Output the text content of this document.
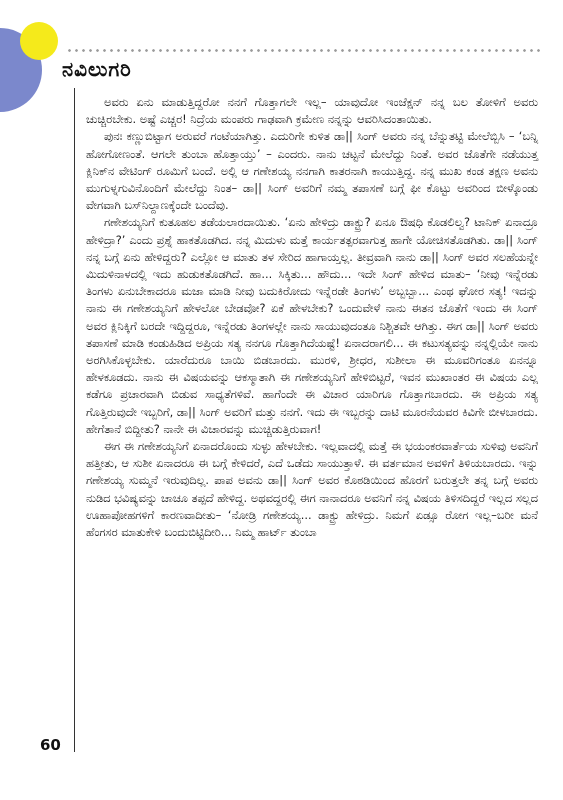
ನವಿಲುಗರಿ

ಅವರು ಏನು ಮಾಡುತ್ತಿದ್ದರೋ ನನಗೆ ಗೊತ್ತಾಗಲೇ ಇಲ್ಲ– ಯಾವುದೋ ಇಂಜೆಕ್ಷನ್ ನನ್ನ ಬಲ ತೋಳಿಗೆ ಅವರು ಚುಚ್ಚಿರಬೇಕು. ಅಷ್ಟೆ ಎಚ್ಚರ! ನಿದ್ರೆಯ ಮಂಪರು ಗಾಢವಾಗಿ ಕ್ರಮೇಣ ನನ್ನನ್ನು ಆವರಿಸಿದಂತಾಯಿತು.

ಪುನಃ ಕಣ್ಣುಬಿಟ್ಟಾಗ ಅರುವರೆ ಗಂಟೆಯಾಗಿತ್ತು. ಎದುರಿಗೇ ಕುಳಿತ ಡಾ|| ಸಿಂಗ್ ಅವರು ನನ್ನ ಬೆನ್ನುತಟ್ಟಿ ಮೇಲೆಬ್ಬಿಸಿ – ‘ಬನ್ನಿ ಹೋಗೋಣಂತೆ. ಆಗಲೇ ತುಂಬಾ ಹೊತ್ತಾಯ್ತು’ – ಎಂದರು. ನಾನು ಚಟ್ಟನೆ ಮೇಲೆದ್ದು ನಿಂತೆ. ಅವರ ಜೊತೆಗೇ ನಡೆಯುತ್ತ ಕ್ಲಿನಿಕ್‌ನ ವೇಟಿಂಗ್ ರೂಮಿಗೆ ಬಂದೆ. ಅಲ್ಲಿ ಆ ಗಣೇಶಯ್ಯ ನನಗಾಗಿ ಕಾತರನಾಗಿ ಕಾಯುತ್ತಿದ್ದ. ನನ್ನ ಮುಖ ಕಂಡ ತಕ್ಷಣ ಅವನು ಮುಗುಳ್ನಗುವಿನೊಂದಿಗೆ ಮೇಲೆದ್ದು ನಿಂತ– ಡಾ|| ಸಿಂಗ್ ಅವರಿಗೆ ನಮ್ಮ ತಪಾಸಣೆ ಬಗ್ಗೆ ಫೀ ಕೊಟ್ಟು ಅವರಿಂದ ಬೀಳ್ಕೊಂಡು ವೇಗವಾಗಿ ಬಸ್‌ನಿಲ್ದಾಣಕ್ಕೆಂದೇ ಬಂದೆವು.

ಗಣೇಶಯ್ಯನಿಗೆ ಕುತೂಹಲ ತಡೆಯಲಾರದಾಯಿತು. ‘ಏನು ಹೇಳಿದ್ರು ಡಾಕ್ಟ್ರು? ಏನೂ ಔಷಧಿ ಕೊಡಲಿಲ್ವ? ಟಾನಿಕ್ ಏನಾದ್ರೂ ಹೇಳಿದ್ರಾ?’ ಎಂದು ಪ್ರಶ್ನೆ ಹಾಕತೊಡಗಿದ. ನನ್ನ ಮಿದುಳು ಮತ್ತೆ ಕಾರ್ಯತತ್ಪರವಾಗುತ್ತ ಹಾಗೇ ಯೋಚಿಸತೊಡಗಿತು. ಡಾ|| ಸಿಂಗ್ ನನ್ನ ಬಗ್ಗೆ ಏನು ಹೇಳಿದ್ದರು? ಎಲ್ಲೋ ಆ ಮಾತು ತಳ ಸೇರಿದ ಹಾಗಾಯ್ತಲ್ಲ. ತೀವ್ರವಾಗಿ ನಾನು ಡಾ|| ಸಿಂಗ್ ಅವರ ಸಲಹೆಯನ್ನೇ ಮಿದುಳಿನಾಳದಲ್ಲಿ ಇದು ಹುಡುಕತೊಡಗಿದೆ. ಹಾ... ಸಿಕ್ಕಿತು... ಹೌದು... ಇದೇ ಸಿಂಗ್ ಹೇಳಿದ ಮಾತು– ‘ನೀವು ಇನ್ನೆರಡು ತಿಂಗಳು ಏನುಬೇಕಾದರೂ ಮಜಾ ಮಾಡಿ ನೀವು ಬದುಕಿರೋದು ಇನ್ನೆರಡೇ ತಿಂಗಳು’ ಅಬ್ಬಬ್ಬಾ... ಎಂಥ ಘೋರ ಸತ್ಯ! ಇದನ್ನು ನಾನು ಈ ಗಣೇಶಯ್ಯನಿಗೆ ಹೇಳಲೋ ಬೇಡವೋ? ಏಕೆ ಹೇಳಬೇಕು? ಒಂದುವೇಳೆ ನಾನು ಈತನ ಜೊತೆಗೆ ಇಂದು ಈ ಸಿಂಗ್ ಅವರ ಕ್ಲಿನಿಕ್ಕಿಗೆ ಬರದೇ ಇದ್ದಿದ್ದರೂ, ಇನ್ನೆರಡು ತಿಂಗಳಲ್ಲೇ ನಾನು ಸಾಯುವುದಂತೂ ನಿಶ್ಚಿತವೇ ಆಗಿತ್ತು. ಈಗ ಡಾ|| ಸಿಂಗ್ ಅವರು ತಪಾಸಣೆ ಮಾಡಿ ಕಂಡುಹಿಡಿದ ಅಪ್ರಿಯ ಸತ್ಯ ನನಗೂ ಗೊತ್ತಾಗಿದೆಯಷ್ಟೆ! ಏನಾದರಾಗಲಿ... ಈ ಕಟುಸತ್ಯವನ್ನು ನನ್ನಲ್ಲಿಯೇ ನಾನು ಅರಗಿಸಿಕೊಳ್ಳಬೇಕು. ಯಾರೆದುರೂ ಬಾಯಿ ಬಿಡಬಾರದು. ಮುರಳಿ, ಶ್ರೀಧರ, ಸುಶೀಲಾ ಈ ಮೂವರಿಗಂತೂ ಏನನ್ನೂ ಹೇಳಕೂಡದು. ನಾನು ಈ ವಿಷಯವನ್ನು ಆಕಸ್ಮಾತಾಗಿ ಈ ಗಣೇಶಯ್ಯನಿಗೆ ಹೇಳಿಬಿಟ್ಟರೆ, ಇವನ ಮುಖಾಂತರ ಈ ವಿಷಯ ಎಲ್ಲ ಕಡೆಗೂ ಪ್ರಚಾರವಾಗಿ ಬಿಡುವ ಸಾಧ್ಯತೆಗಳಿವೆ. ಹಾಗೆಂದೇ ಈ ವಿಚಾರ ಯಾರಿಗೂ ಗೊತ್ತಾಗಬಾರದು. ಈ ಅಪ್ರಿಯ ಸತ್ಯ ಗೊತ್ತಿರುವುದೇ ಇಬ್ಬರಿಗೆ, ಡಾ|| ಸಿಂಗ್ ಅವರಿಗೆ ಮತ್ತು ನನಗೆ. ಇದು ಈ ಇಬ್ಬರನ್ನು ದಾಟಿ ಮೂರನೆಯವರ ಕಿವಿಗೇ ಬೀಳಬಾರದು. ಹೇಗೆತಾನೆ ಬಿದ್ದೀತು? ನಾನೇ ಈ ವಿಚಾರವನ್ನು ಮುಚ್ಚಿಡುತ್ತಿರುವಾಗ!

ಈಗ ಈ ಗಣೇಶಯ್ಯನಿಗೆ ಏನಾದರೊಂದು ಸುಳ್ಳು ಹೇಳಬೇಕು. ಇಲ್ಲವಾದಲ್ಲಿ ಮತ್ತೆ ಈ ಭಯಂಕರವಾರ್ತೆಯ ಸುಳಿವು ಅವನಿಗೆ ಹತ್ತೀತು, ಆ ಸುಶೀ ಏನಾದರೂ ಈ ಬಗ್ಗೆ ಕೇಳಿದರೆ, ಎದೆ ಒಡೆದು ಸಾಯುತ್ತಾಳೆ. ಈ ವರ್ತಮಾನ ಅವಳಿಗೆ ತಿಳಿಯಬಾರದು. ಇನ್ನು ಗಣೇಶಯ್ಯ ಸುಮ್ಮನೆ ಇರುವುದಿಲ್ಲ. ಪಾಪ ಅವನು ಡಾ|| ಸಿಂಗ್ ಅವರ ಕೊಠಡಿಯಿಂದ ಹೊರಗೆ ಬರುತ್ತಲೇ ತನ್ನ ಬಗ್ಗೆ ಅವರು ನುಡಿದ ಭವಿಷ್ಯವನ್ನು ಚಾಚೂ ತಪ್ಪದೆ ಹೇಳಿದ್ದ. ಅಥವದ್ದರಲ್ಲಿ ಈಗ ನಾನಾದರೂ ಅವನಿಗೆ ನನ್ನ ವಿಷಯ ತಿಳಿಸದಿದ್ದರೆ ಇಲ್ಲದ ಸಲ್ಲದ ಊಹಾಪೋಹಗಳಿಗೆ ಕಾರಣವಾದೀತು– ‘ನೋಡ್ರಿ ಗಣೇಶಯ್ಯ... ಡಾಕ್ಟ್ರು ಹೇಳಿದ್ರು. ನಿಮಗೆ ಏಡ್ಸೂ ರೋಗ ಇಲ್ಲ–ಬರೀ ಮನೆ ಹೆಂಗಸರ ಮಾತುಕೇಳಿ ಬಂದುಬಿಟ್ಟಿದೀರಿ... ನಿಮ್ಮ ಹಾರ್ಟ್ ತುಂಬಾ

60
